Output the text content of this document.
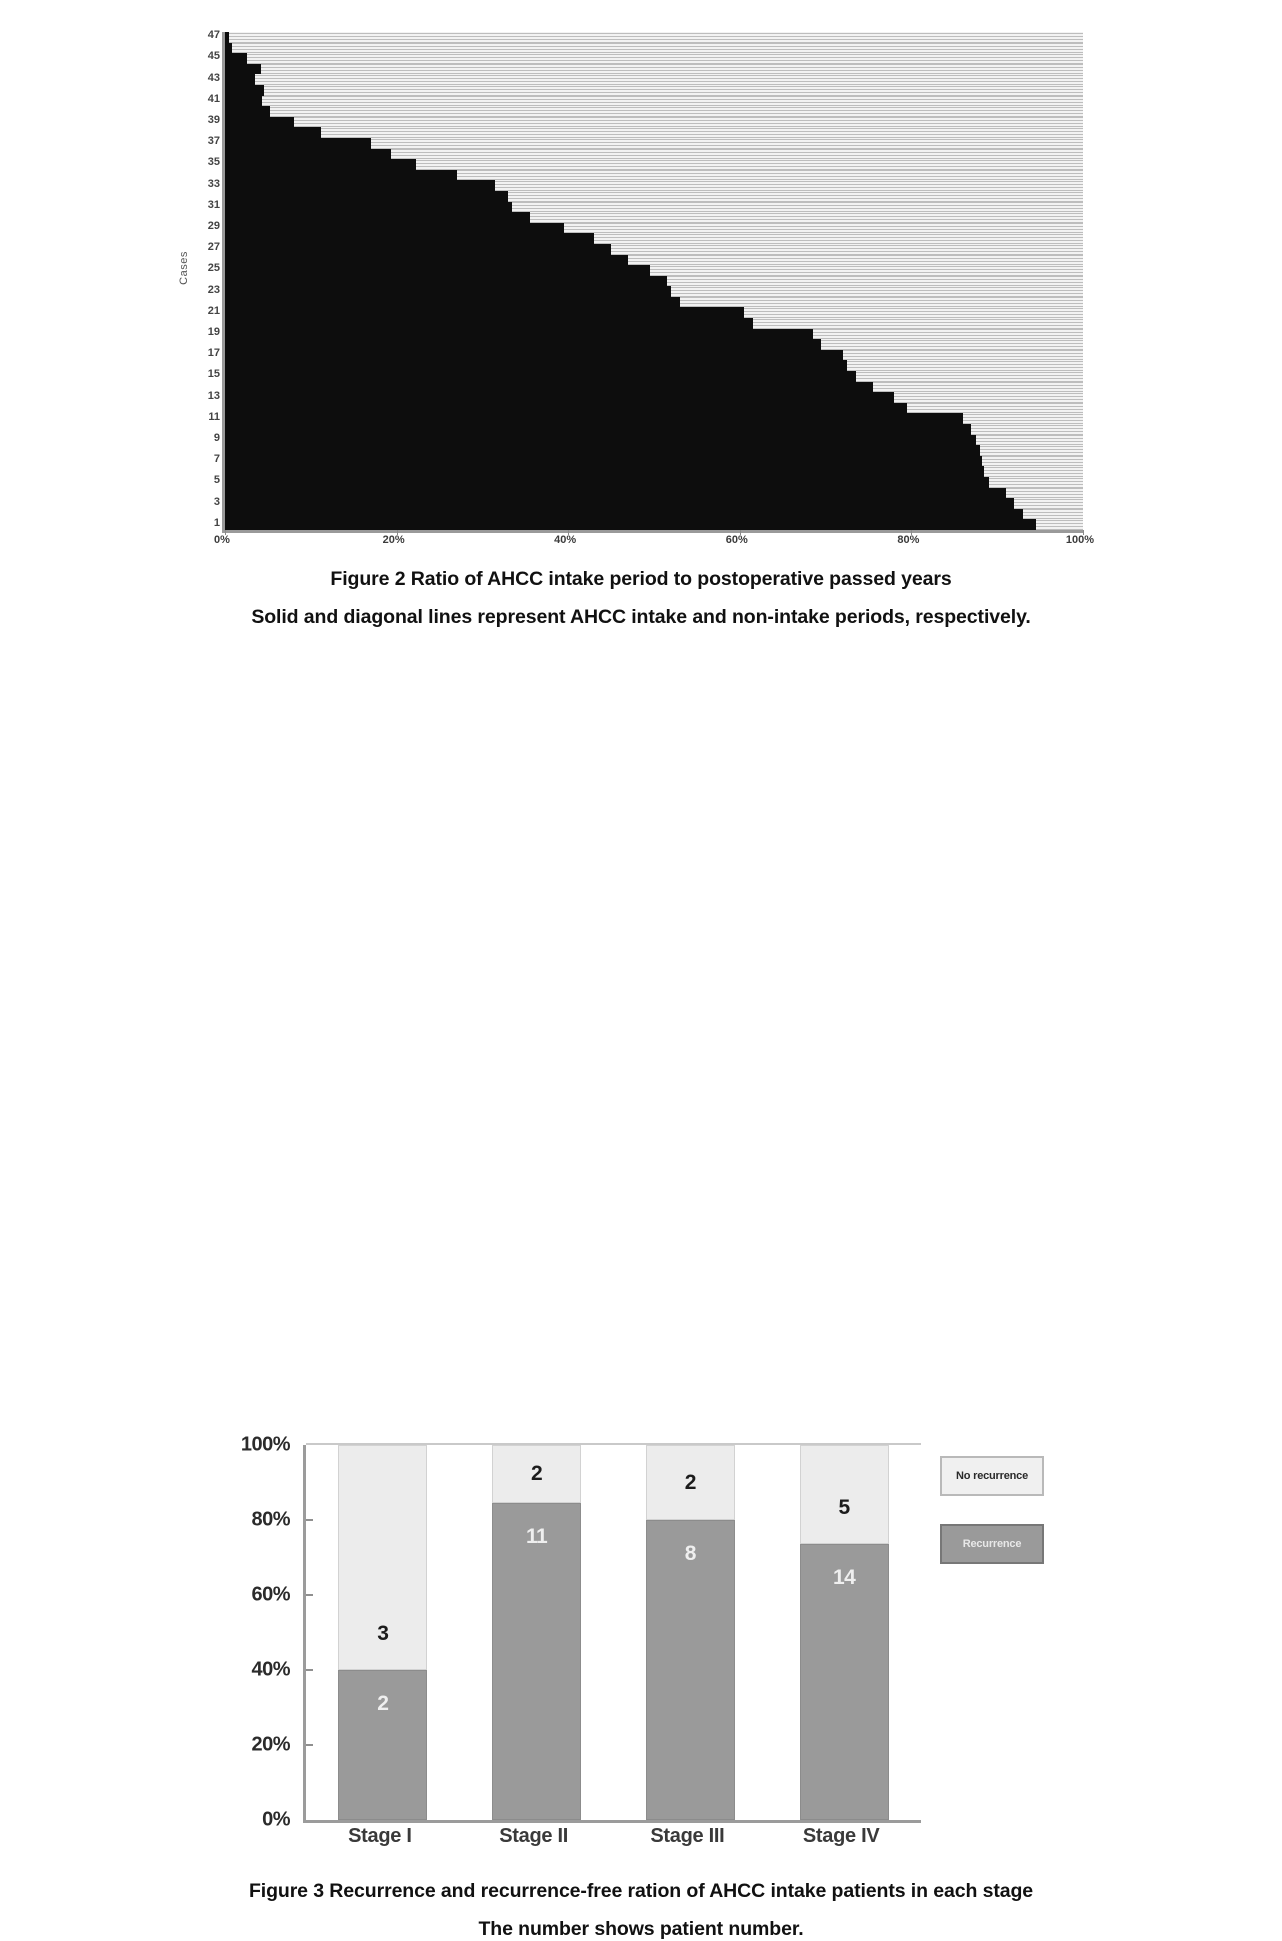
Cases
47
45
43
41
39
37
35
33
31
29
27
25
23
21
19
17
15
13
11
9
7
5
3
1
0%	20%	40%	60%	80%	100%
Figure 2 Ratio of AHCC intake period to postoperative passed years
Solid and diagonal lines represent AHCC intake and non-intake periods, respectively.
0%
20%
40%
60%
80%
100%
2
3
11
2
8
2
14
5
Stage I	Stage II	Stage III	Stage IV
No recurrence
Recurrence
Figure 3 Recurrence and recurrence-free ration of AHCC intake patients in each stage
The number shows patient number.
